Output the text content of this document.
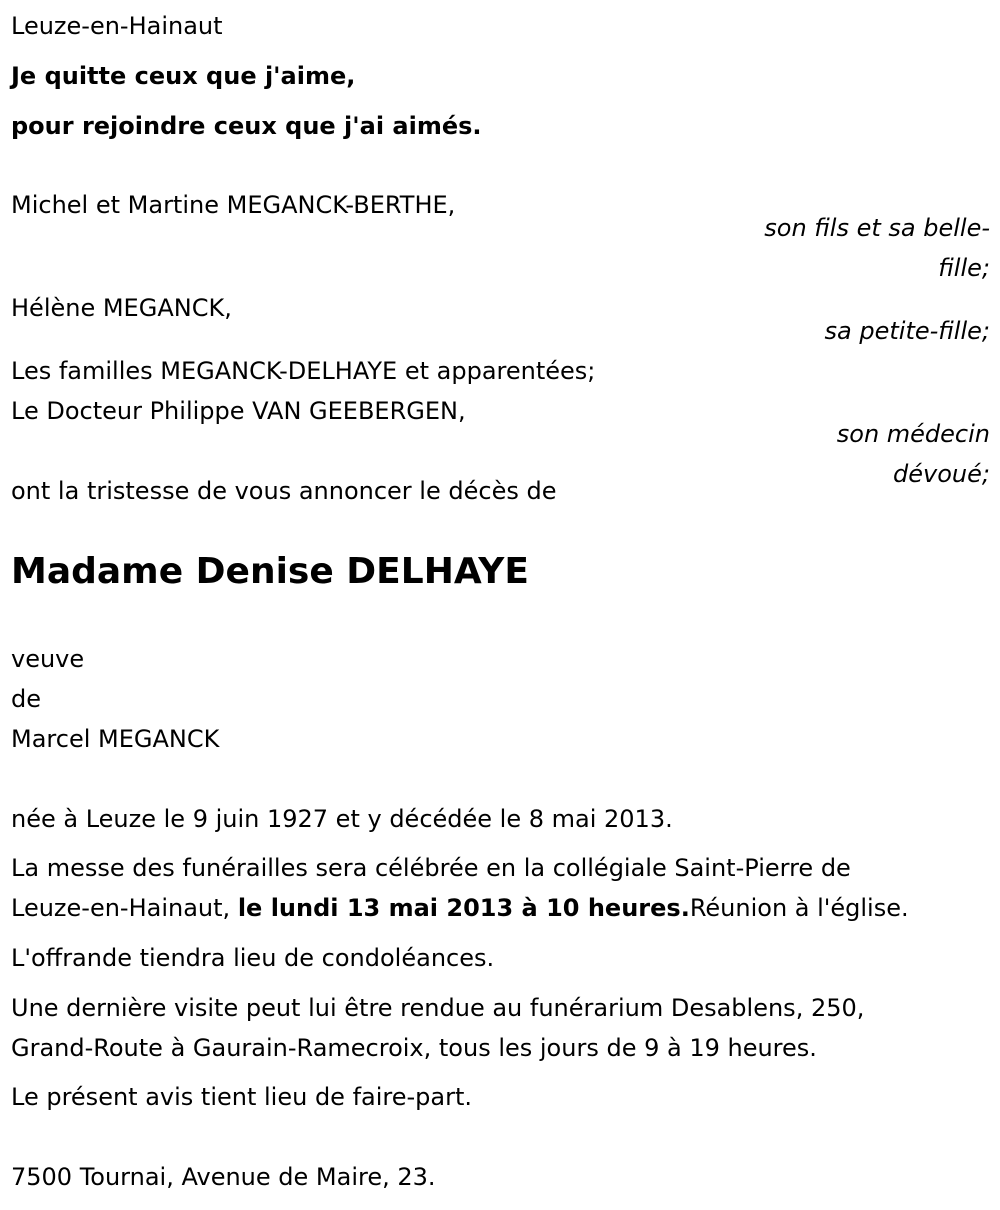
Leuze-en-Hainaut

Je quitte ceux que j'aime,

pour rejoindre ceux que j'ai aimés.

Michel et Martine MEGANCK-BERTHE,

son fils et sa belle-fille;

Hélène MEGANCK,

sa petite-fille;

Les familles MEGANCK-DELHAYE et apparentées;

Le Docteur Philippe VAN GEEBERGEN,

son médecin dévoué;

ont la tristesse de vous annoncer le décès de

Madame Denise DELHAYE

veuve

de

Marcel MEGANCK

née à Leuze le 9 juin 1927 et y décédée le 8 mai 2013.

La messe des funérailles sera célébrée en la collégiale Saint-Pierre de

Leuze-en-Hainaut, le lundi 13 mai 2013 à 10 heures.Réunion à l'église.

L'offrande tiendra lieu de condoléances.

Une dernière visite peut lui être rendue au funérarium Desablens, 250,

Grand-Route à Gaurain-Ramecroix, tous les jours de 9 à 19 heures.

Le présent avis tient lieu de faire-part.

7500 Tournai, Avenue de Maire, 23.
